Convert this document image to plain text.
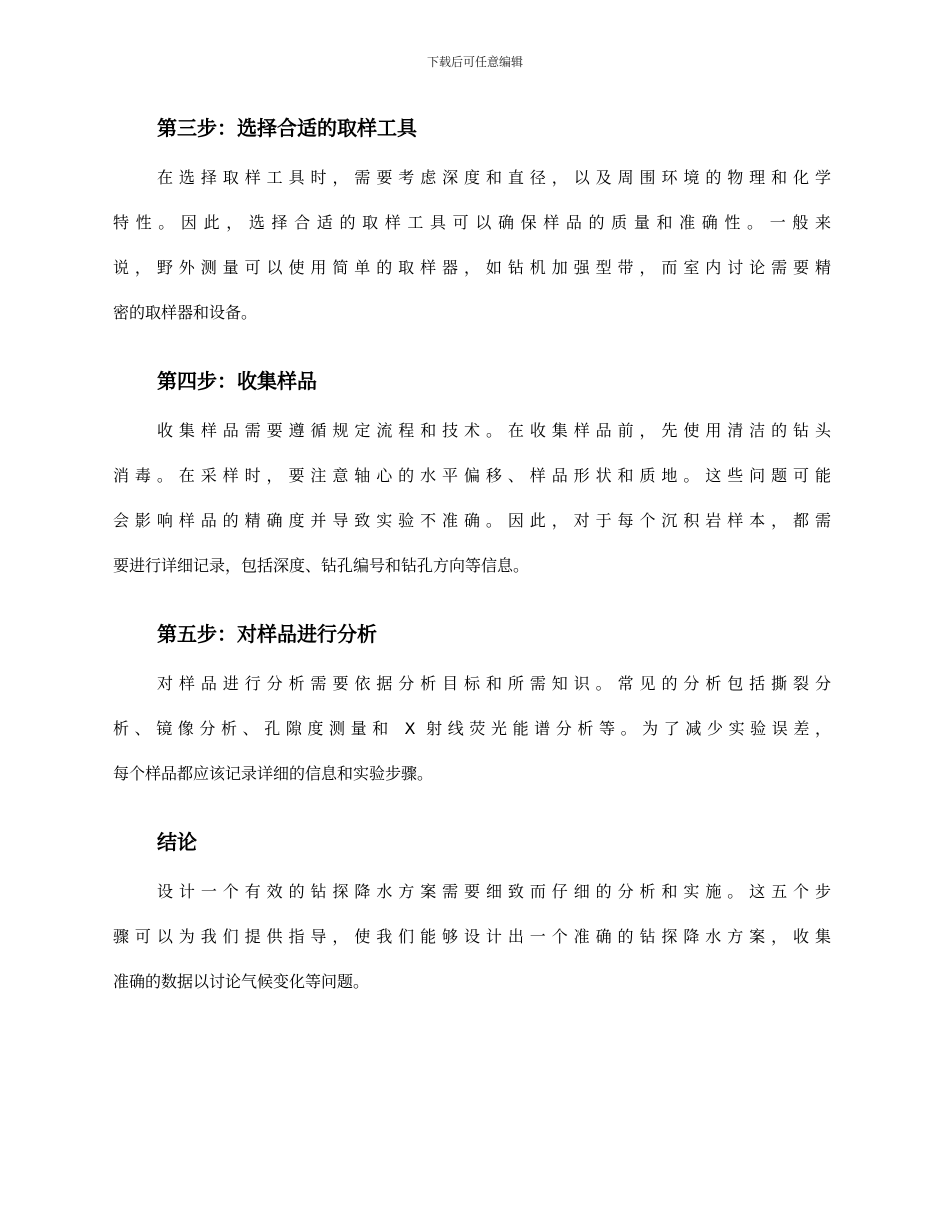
下载后可任意编辑
第三步：选择合适的取样工具
在选择取样工具时，需要考虑深度和直径，以及周围环境的物理和化学
特性。因此，选择合适的取样工具可以确保样品的质量和准确性。一般来
说，野外测量可以使用简单的取样器，如钻机加强型带，而室内讨论需要精
密的取样器和设备。
第四步：收集样品
收集样品需要遵循规定流程和技术。在收集样品前，先使用清洁的钻头
消毒。在采样时，要注意轴心的水平偏移、样品形状和质地。这些问题可能
会影响样品的精确度并导致实验不准确。因此，对于每个沉积岩样本，都需
要进行详细记录，包括深度、钻孔编号和钻孔方向等信息。
第五步：对样品进行分析
对样品进行分析需要依据分析目标和所需知识。常见的分析包括撕裂分
析、镜像分析、孔隙度测量和 X 射线荧光能谱分析等。为了减少实验误差，
每个样品都应该记录详细的信息和实验步骤。
结论
设计一个有效的钻探降水方案需要细致而仔细的分析和实施。这五个步
骤可以为我们提供指导，使我们能够设计出一个准确的钻探降水方案，收集
准确的数据以讨论气候变化等问题。
